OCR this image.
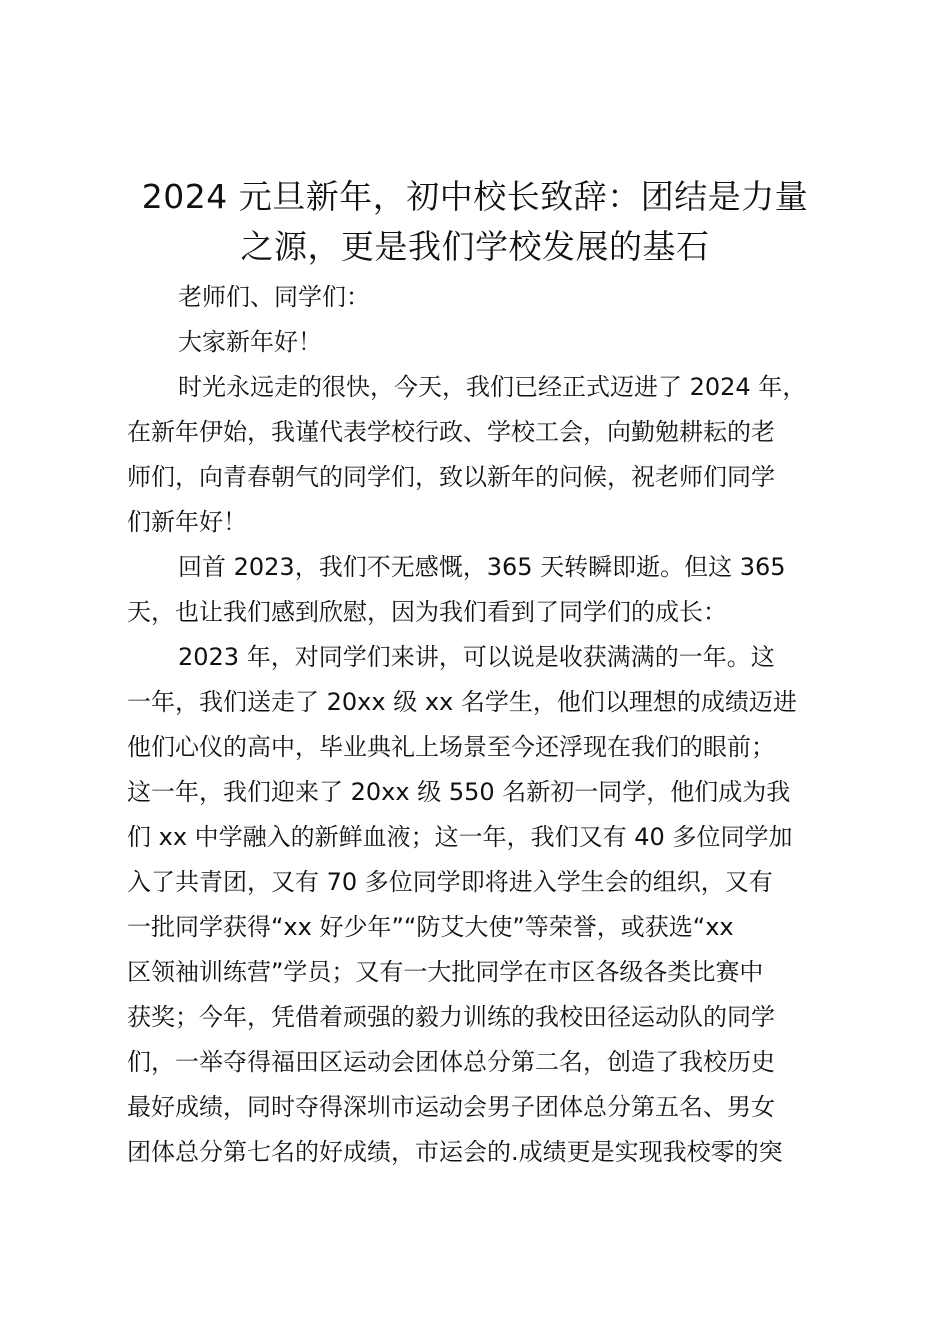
2024 元旦新年，初中校长致辞：团结是力量
之源，更是我们学校发展的基石

老师们、同学们：

大家新年好！

时光永远走的很快，今天，我们已经正式迈进了 2024 年，
在新年伊始，我谨代表学校行政、学校工会，向勤勉耕耘的老
师们，向青春朝气的同学们，致以新年的问候，祝老师们同学
们新年好！

回首 2023，我们不无感慨，365 天转瞬即逝。但这 365
天，也让我们感到欣慰，因为我们看到了同学们的成长：

2023 年，对同学们来讲，可以说是收获满满的一年。这
一年，我们送走了 20xx 级 xx 名学生，他们以理想的成绩迈进
他们心仪的高中，毕业典礼上场景至今还浮现在我们的眼前；
这一年，我们迎来了 20xx 级 550 名新初一同学，他们成为我
们 xx 中学融入的新鲜血液；这一年，我们又有 40 多位同学加
入了共青团，又有 70 多位同学即将进入学生会的组织，又有
一批同学获得“xx 好少年”“防艾大使”等荣誉，或获选“xx
区领袖训练营”学员；又有一大批同学在市区各级各类比赛中
获奖；今年，凭借着顽强的毅力训练的我校田径运动队的同学
们，一举夺得福田区运动会团体总分第二名，创造了我校历史
最好成绩，同时夺得深圳市运动会男子团体总分第五名、男女
团体总分第七名的好成绩，市运会的.成绩更是实现我校零的突
